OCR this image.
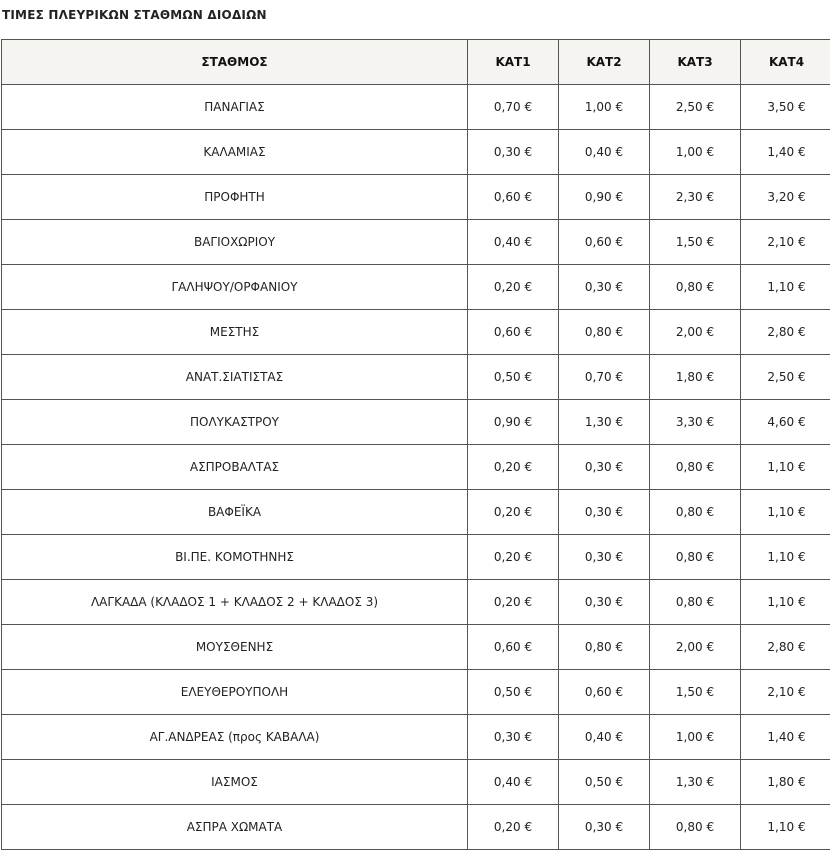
ΤΙΜΕΣ ΠΛΕΥΡΙΚΩΝ ΣΤΑΘΜΩΝ ΔΙΟΔΙΩΝ
ΣΤΑΘΜΟΣ	ΚΑΤ1	ΚΑΤ2	ΚΑΤ3	ΚΑΤ4
ΠΑΝΑΓΙΑΣ	0,70 €	1,00 €	2,50 €	3,50 €
ΚΑΛΑΜΙΑΣ	0,30 €	0,40 €	1,00 €	1,40 €
ΠΡΟΦΗΤΗ	0,60 €	0,90 €	2,30 €	3,20 €
ΒΑΓΙΟΧΩΡΙΟΥ	0,40 €	0,60 €	1,50 €	2,10 €
ΓΑΛΗΨΟΥ/ΟΡΦΑΝΙΟΥ	0,20 €	0,30 €	0,80 €	1,10 €
ΜΕΣΤΗΣ	0,60 €	0,80 €	2,00 €	2,80 €
ΑΝΑΤ.ΣΙΑΤΙΣΤΑΣ	0,50 €	0,70 €	1,80 €	2,50 €
ΠΟΛΥΚΑΣΤΡΟΥ	0,90 €	1,30 €	3,30 €	4,60 €
ΑΣΠΡΟΒΑΛΤΑΣ	0,20 €	0,30 €	0,80 €	1,10 €
ΒΑΦΕΪΚΑ	0,20 €	0,30 €	0,80 €	1,10 €
ΒΙ.ΠΕ. ΚΟΜΟΤΗΝΗΣ	0,20 €	0,30 €	0,80 €	1,10 €
ΛΑΓΚΑΔΑ (ΚΛΑΔΟΣ 1 + ΚΛΑΔΟΣ 2 + ΚΛΑΔΟΣ 3)	0,20 €	0,30 €	0,80 €	1,10 €
ΜΟΥΣΘΕΝΗΣ	0,60 €	0,80 €	2,00 €	2,80 €
ΕΛΕΥΘΕΡΟΥΠΟΛΗ	0,50 €	0,60 €	1,50 €	2,10 €
ΑΓ.ΑΝΔΡΕΑΣ (προς ΚΑΒΑΛΑ)	0,30 €	0,40 €	1,00 €	1,40 €
ΙΑΣΜΟΣ	0,40 €	0,50 €	1,30 €	1,80 €
ΑΣΠΡΑ ΧΩΜΑΤΑ	0,20 €	0,30 €	0,80 €	1,10 €
